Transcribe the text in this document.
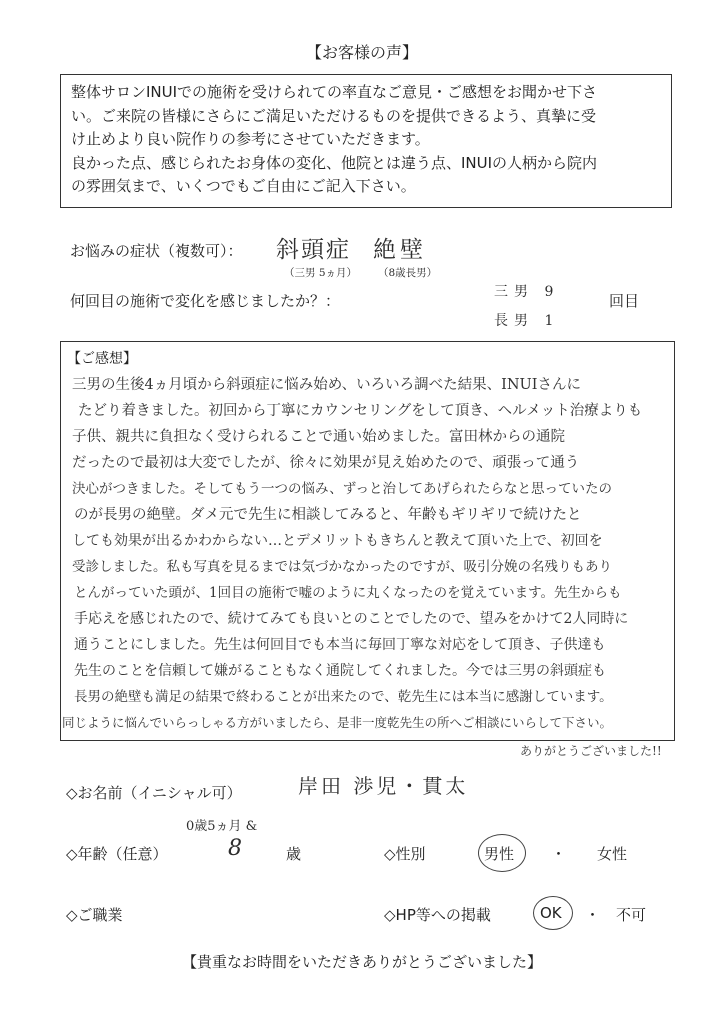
【お客様の声】

整体サロンINUIでの施術を受けられての率直なご意見・ご感想をお聞かせ下さ

い。ご来院の皆様にさらにご満足いただけるものを提供できるよう、真摯に受

け止めより良い院作りの参考にさせていただきます。

良かった点、感じられたお身体の変化、他院とは違う点、INUIの人柄から院内

の雰囲気まで、いくつでもご自由にご記入下さい。

お悩みの症状（複数可）： 斜頭症 絶壁
（三男 5ヵ月） （8歳長男）
何回目の施術で変化を感じましたか？：	三男 9
長男 1
回目
【ご感想】
三男の生後4ヵ月頃から斜頭症に悩み始め、いろいろ調べた結果、INUIさんに
たどり着きました。初回から丁寧にカウンセリングをして頂き、ヘルメット治療よりも
子供、親共に負担なく受けられることで通い始めました。富田林からの通院
だったので最初は大変でしたが、徐々に効果が見え始めたので、頑張って通う
決心がつきました。そしてもう一つの悩み、ずっと治してあげられたらなと思っていたの
のが長男の絶壁。ダメ元で先生に相談してみると、年齢もギリギリで続けたと
しても効果が出るかわからない…とデメリットもきちんと教えて頂いた上で、初回を
受診しました。私も写真を見るまでは気づかなかったのですが、吸引分娩の名残りもあり
とんがっていた頭が、1回目の施術で嘘のように丸くなったのを覚えています。先生からも
手応えを感じれたので、続けてみても良いとのことでしたので、望みをかけて2人同時に
通うことにしました。先生は何回目でも本当に毎回丁寧な対応をして頂き、子供達も
先生のことを信頼して嫌がることもなく通院してくれました。今では三男の斜頭症も
長男の絶壁も満足の結果で終わることが出来たので、乾先生には本当に感謝しています。
同じように悩んでいらっしゃる方がいましたら、是非一度乾先生の所へご相談にいらして下さい。
ありがとうございました!!
◇お名前（イニシャル可）	岸田 渉児・貫太
0歳5ヵ月 &
◇年齢（任意）	8	歳	◇性別	男性 ・ 女性
◇ご職業	◇HP等への掲載	OK ・ 不可
【貴重なお時間をいただきありがとうございました】
